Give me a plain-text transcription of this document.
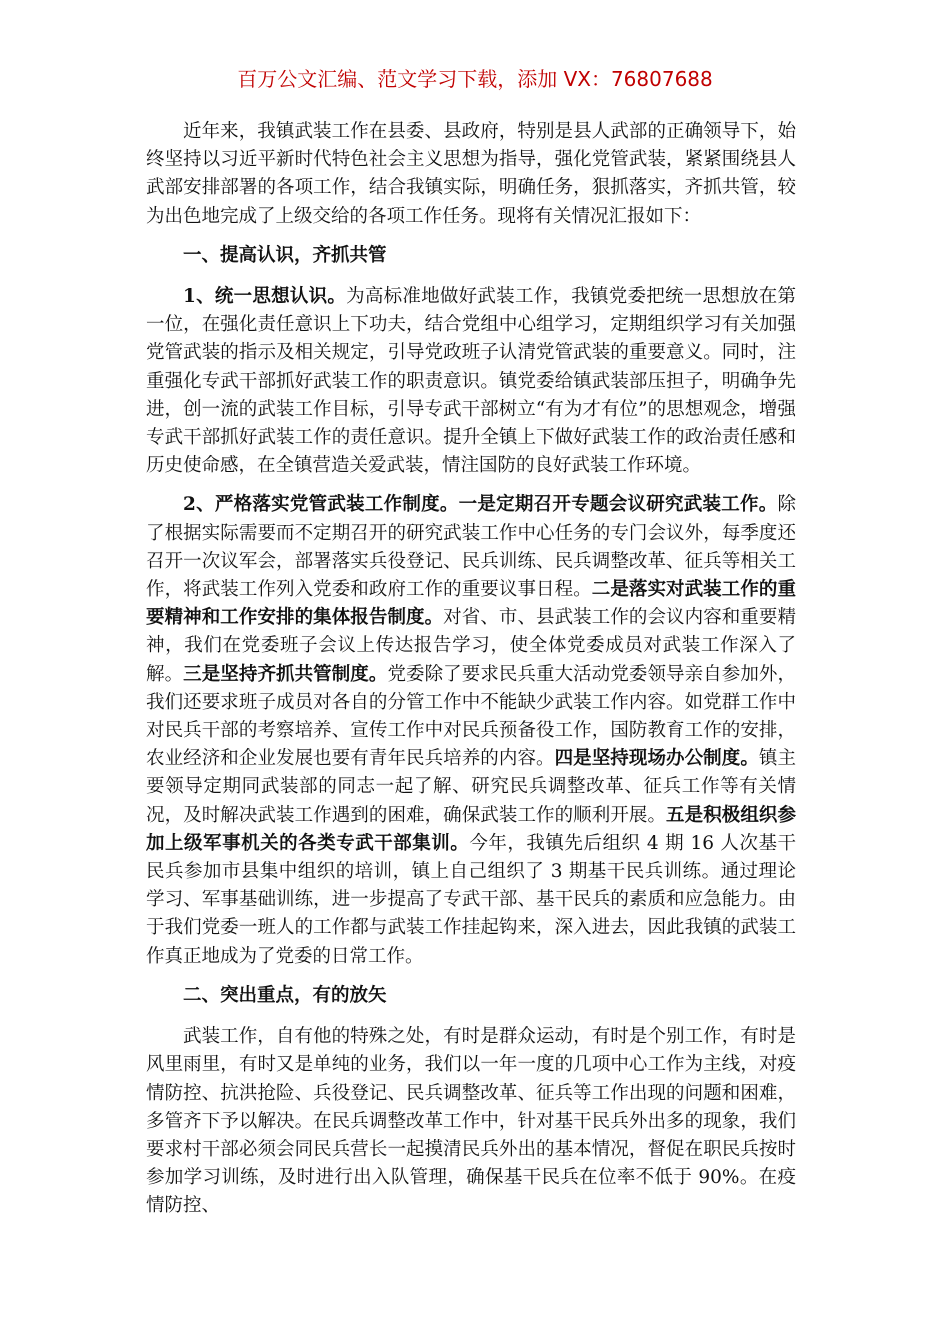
百万公文汇编、范文学习下载，添加 VX：76807688

近年来，我镇武装工作在县委、县政府，特别是县人武部的正确领导下，始终坚持以习近平新时代特色社会主义思想为指导，强化党管武装，紧紧围绕县人武部安排部署的各项工作，结合我镇实际，明确任务，狠抓落实，齐抓共管，较为出色地完成了上级交给的各项工作任务。现将有关情况汇报如下：

一、提高认识，齐抓共管

1、统一思想认识。为高标准地做好武装工作，我镇党委把统一思想放在第一位，在强化责任意识上下功夫，结合党组中心组学习，定期组织学习有关加强党管武装的指示及相关规定，引导党政班子认清党管武装的重要意义。同时，注重强化专武干部抓好武装工作的职责意识。镇党委给镇武装部压担子，明确争先进，创一流的武装工作目标，引导专武干部树立“有为才有位”的思想观念，增强专武干部抓好武装工作的责任意识。提升全镇上下做好武装工作的政治责任感和历史使命感，在全镇营造关爱武装，情注国防的良好武装工作环境。

2、严格落实党管武装工作制度。一是定期召开专题会议研究武装工作。除了根据实际需要而不定期召开的研究武装工作中心任务的专门会议外，每季度还召开一次议军会，部署落实兵役登记、民兵训练、民兵调整改革、征兵等相关工作，将武装工作列入党委和政府工作的重要议事日程。二是落实对武装工作的重要精神和工作安排的集体报告制度。对省、市、县武装工作的会议内容和重要精神，我们在党委班子会议上传达报告学习，使全体党委成员对武装工作深入了解。三是坚持齐抓共管制度。党委除了要求民兵重大活动党委领导亲自参加外，我们还要求班子成员对各自的分管工作中不能缺少武装工作内容。如党群工作中对民兵干部的考察培养、宣传工作中对民兵预备役工作，国防教育工作的安排，农业经济和企业发展也要有青年民兵培养的内容。四是坚持现场办公制度。镇主要领导定期同武装部的同志一起了解、研究民兵调整改革、征兵工作等有关情况，及时解决武装工作遇到的困难，确保武装工作的顺利开展。五是积极组织参加上级军事机关的各类专武干部集训。今年，我镇先后组织 4 期 16 人次基干民兵参加市县集中组织的培训，镇上自己组织了 3 期基干民兵训练。通过理论学习、军事基础训练，进一步提高了专武干部、基干民兵的素质和应急能力。由于我们党委一班人的工作都与武装工作挂起钩来，深入进去，因此我镇的武装工作真正地成为了党委的日常工作。

二、突出重点，有的放矢

武装工作，自有他的特殊之处，有时是群众运动，有时是个别工作，有时是风里雨里，有时又是单纯的业务，我们以一年一度的几项中心工作为主线，对疫情防控、抗洪抢险、兵役登记、民兵调整改革、征兵等工作出现的问题和困难，多管齐下予以解决。在民兵调整改革工作中，针对基干民兵外出多的现象，我们要求村干部必须会同民兵营长一起摸清民兵外出的基本情况，督促在职民兵按时参加学习训练，及时进行出入队管理，确保基干民兵在位率不低于 90%。在疫情防控、
